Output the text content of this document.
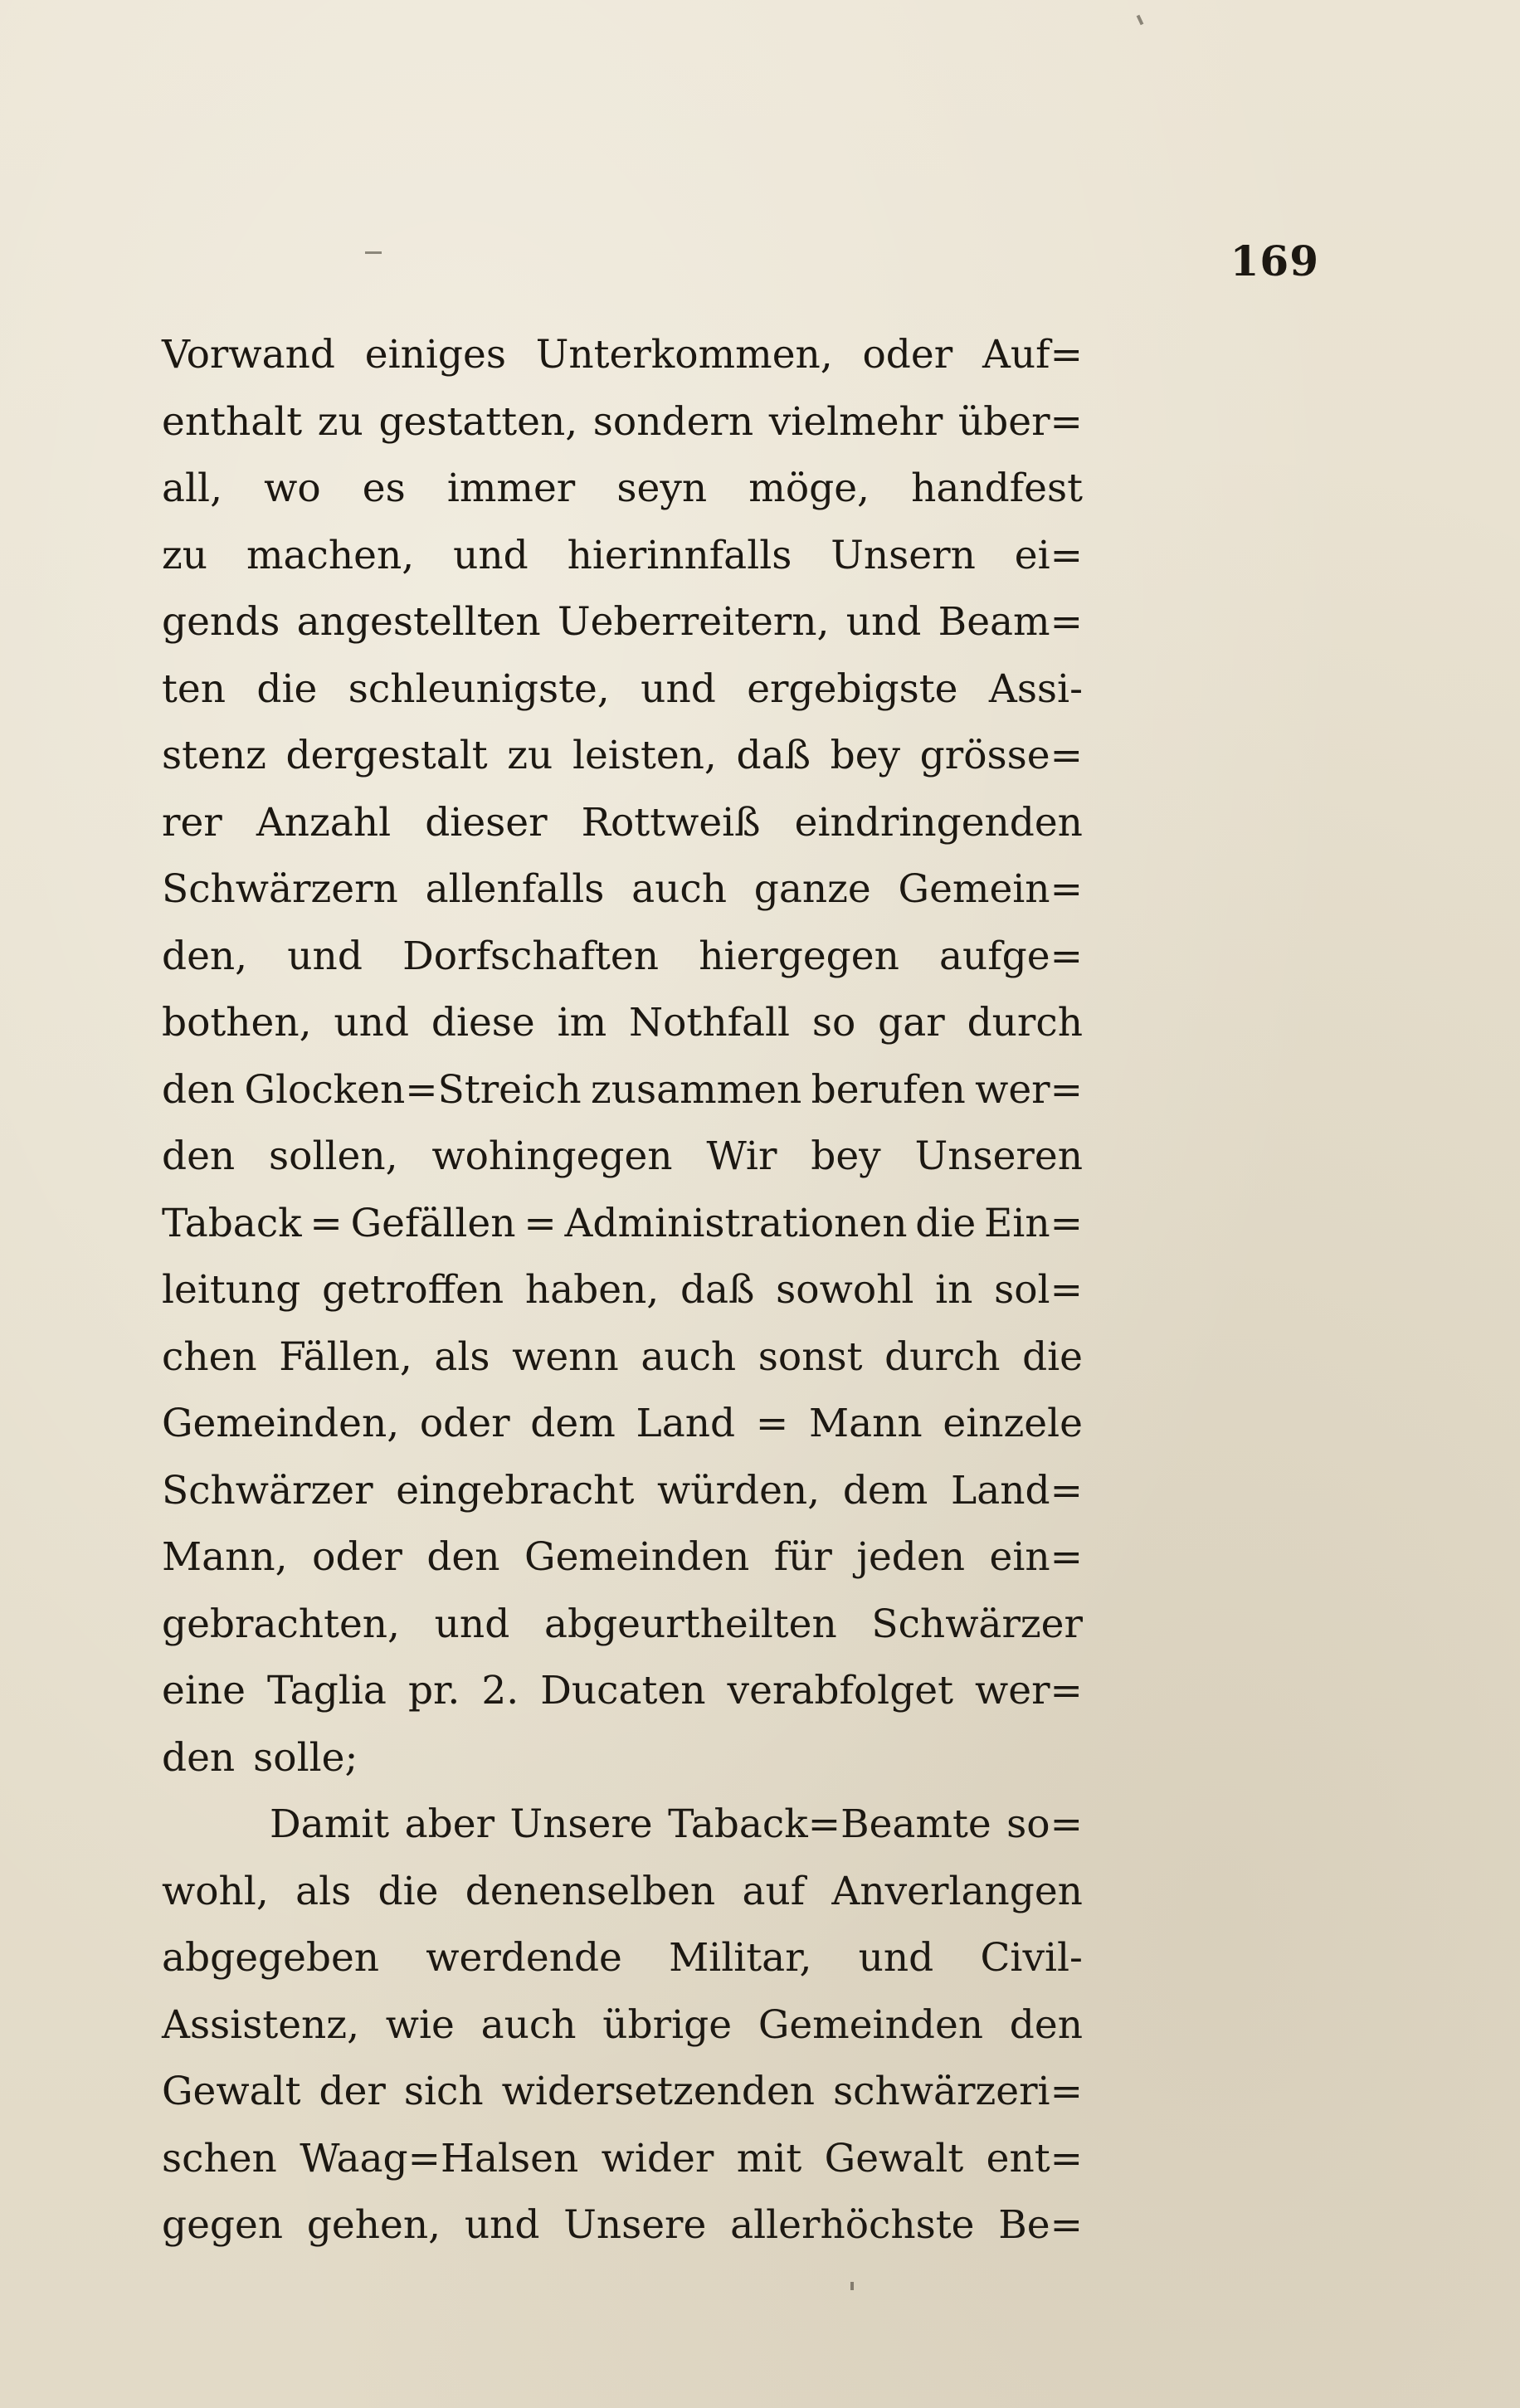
169
Vorwand einiges Unterkommen, oder Auf=
enthalt zu gestatten, sondern vielmehr über=
all, wo es immer seyn möge, handfest
zu machen, und hierinnfalls Unsern ei=
gends angestellten Ueberreitern, und Beam=
ten die schleunigste, und ergebigste Assi-
stenz dergestalt zu leisten, daß bey grösse=
rer Anzahl dieser Rottweiß eindringenden
Schwärzern allenfalls auch ganze Gemein=
den, und Dorfschaften hiergegen aufge=
bothen, und diese im Nothfall so gar durch
den Glocken=Streich zusammen berufen wer=
den sollen, wohingegen Wir bey Unseren
Taback = Gefällen = Administrationen die Ein=
leitung getroffen haben, daß sowohl in sol=
chen Fällen, als wenn auch sonst durch die
Gemeinden, oder dem Land = Mann einzele
Schwärzer eingebracht würden, dem Land=
Mann, oder den Gemeinden für jeden ein=
gebrachten, und abgeurtheilten Schwärzer
eine Taglia pr. 2. Ducaten verabfolget wer=
den solle;
Damit aber Unsere Taback=Beamte so=
wohl, als die denenselben auf Anverlangen
abgegeben werdende Militar, und Civil-
Assistenz, wie auch übrige Gemeinden den
Gewalt der sich widersetzenden schwärzeri=
schen Waag=Halsen wider mit Gewalt ent=
gegen gehen, und Unsere allerhöchste Be=
